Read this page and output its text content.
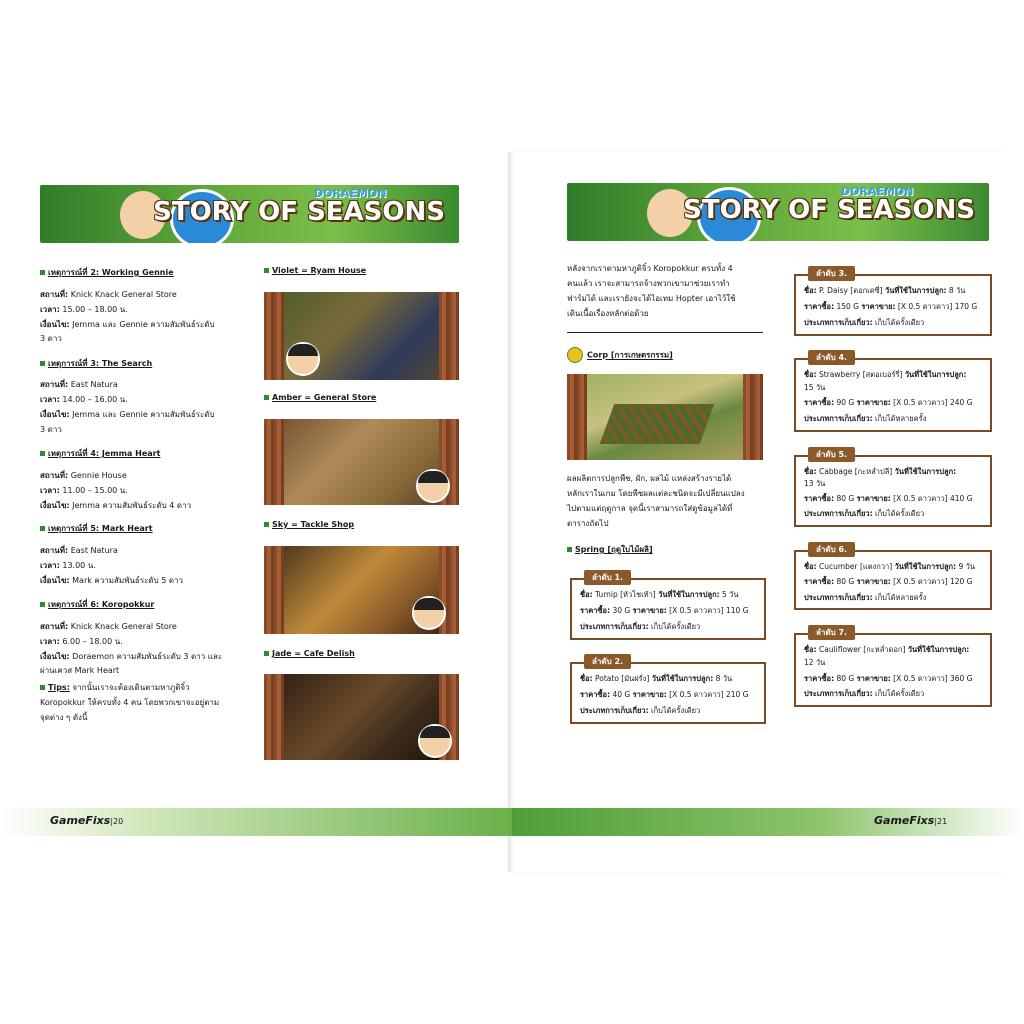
GameFixs|20	GameFixs|21
DORAEMON
STORY OF SEASONS
DORAEMON
STORY OF SEASONS
เหตุการณ์ที่ 2: Working Gennie
สถานที่: Knick Knack General Store
เวลา: 15.00 – 18.00 น.
เงื่อนไข: Jemma และ Gennie ความสัมพันธ์ระดับ
3 ดาว
เหตุการณ์ที่ 3: The Search
สถานที่: East Natura
เวลา: 14.00 – 16.00 น.
เงื่อนไข: Jemma และ Gennie ความสัมพันธ์ระดับ
3 ดาว
เหตุการณ์ที่ 4: Jemma Heart
สถานที่: Gennie House
เวลา: 11.00 – 15.00 น.
เงื่อนไข: Jemma ความสัมพันธ์ระดับ 4 ดาว
เหตุการณ์ที่ 5: Mark Heart
สถานที่: East Natura
เวลา: 13.00 น.
เงื่อนไข: Mark ความสัมพันธ์ระดับ 5 ดาว
เหตุการณ์ที่ 6: Koropokkur
สถานที่: Knick Knack General Store
เวลา: 6.00 – 18.00 น.
เงื่อนไข: Doraemon ความสัมพันธ์ระดับ 3 ดาว และ
ผ่านเควส Mark Heart
Tips: จากนั้นเราจะต้องเดินตามหาภูติจิ๋ว
Koropokkur ให้ครบทั้ง 4 คน โดยพวกเขาจะอยู่ตาม
จุดต่าง ๆ ดังนี้
Violet = Ryam House
Amber = General Store
Sky = Tackle Shop
Jade = Cafe Delish
หลังจากเราตามหาภูติจิ๋ว Koropokkur ครบทั้ง 4
คนแล้ว เราจะสามารถจ้างพวกเขามาช่วยเราทำ
ฟาร์มได้ และเรายังจะได้ไอเทม Hopter เอาไว้ใช้
เดินเนื้อเรื่องหลักต่อด้วย
Corp [การเกษตรกรรม]
ผลผลิตการปลูกพืช, ผัก, ผลไม้ แหล่งสร้างรายได้
หลักเราในเกม โดยพืชผลแต่ละชนิดจะมีเปลี่ยนแปลง
ไปตามแต่ฤดูกาล จุดนี้เราสามารถใส่ดูข้อมูลได้ที่
ตารางถัดไป
Spring [ฤดูใบไม้ผลิ]
ลำดับ 1.
ชื่อ: Turnip [หัวไชเท้า] วันที่ใช้ในการปลูก: 5 วัน
ราคาซื้อ: 30 G ราคาขาย: [X 0.5 ดาวคาว] 110 G
ประเภทการเก็บเกี่ยว: เก็บได้ครั้งเดียว
ลำดับ 2.
ชื่อ: Potato [มันฝรั่ง] วันที่ใช้ในการปลูก: 8 วัน
ราคาซื้อ: 40 G ราคาขาย: [X 0.5 ดาวคาว] 210 G
ประเภทการเก็บเกี่ยว: เก็บได้ครั้งเดียว
ลำดับ 3.
ชื่อ: P. Daisy [ดอกเดซี่] วันที่ใช้ในการปลูก: 8 วัน
ราคาซื้อ: 150 G ราคาขาย: [X 0.5 ดาวคาว] 170 G
ประเภทการเก็บเกี่ยว: เก็บได้ครั้งเดียว
ลำดับ 4.
ชื่อ: Strawberry [สตอเบอร์รี่] วันที่ใช้ในการปลูก:
15 วัน
ราคาซื้อ: 90 G ราคาขาย: [X 0.5 ดาวคาว] 240 G
ประเภทการเก็บเกี่ยว: เก็บได้หลายครั้ง
ลำดับ 5.
ชื่อ: Cabbage [กะหล่ำปลี] วันที่ใช้ในการปลูก:
13 วัน
ราคาซื้อ: 80 G ราคาขาย: [X 0.5 ดาวคาว] 410 G
ประเภทการเก็บเกี่ยว: เก็บได้ครั้งเดียว
ลำดับ 6.
ชื่อ: Cucumber [แตงกวา] วันที่ใช้ในการปลูก: 9 วัน
ราคาซื้อ: 80 G ราคาขาย: [X 0.5 ดาวคาว] 120 G
ประเภทการเก็บเกี่ยว: เก็บได้หลายครั้ง
ลำดับ 7.
ชื่อ: Cauliflower [กะหล่ำดอก] วันที่ใช้ในการปลูก:
12 วัน
ราคาซื้อ: 80 G ราคาขาย: [X 0.5 ดาวคาว] 360 G
ประเภทการเก็บเกี่ยว: เก็บได้ครั้งเดียว
